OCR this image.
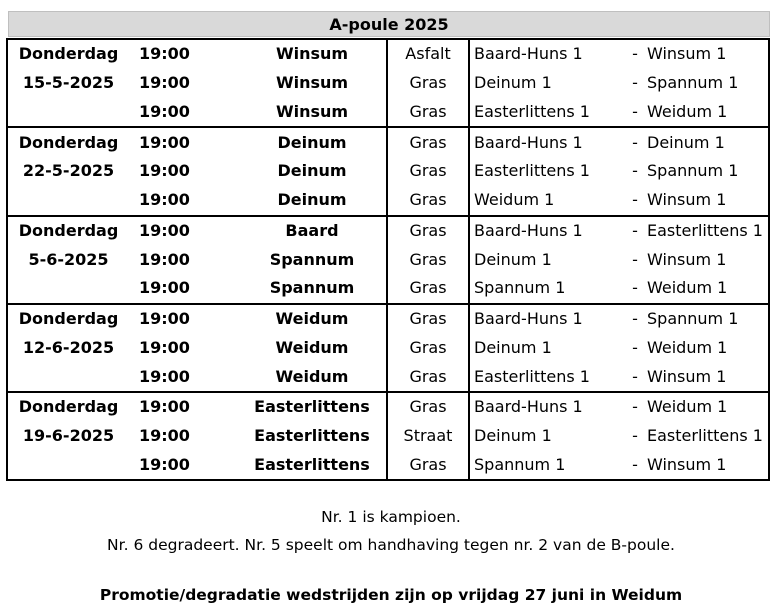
A-poule 2025
Donderdag	19:00	Winsum	Asfalt	Baard-Huns 1	-	Winsum 1
15-5-2025	19:00	Winsum	Gras	Deinum 1	-	Spannum 1
	19:00	Winsum	Gras	Easterlittens 1	-	Weidum 1
Donderdag	19:00	Deinum	Gras	Baard-Huns 1	-	Deinum 1
22-5-2025	19:00	Deinum	Gras	Easterlittens 1	-	Spannum 1
	19:00	Deinum	Gras	Weidum 1	-	Winsum 1
Donderdag	19:00	Baard	Gras	Baard-Huns 1	-	Easterlittens 1
5-6-2025	19:00	Spannum	Gras	Deinum 1	-	Winsum 1
	19:00	Spannum	Gras	Spannum 1	-	Weidum 1
Donderdag	19:00	Weidum	Gras	Baard-Huns 1	-	Spannum 1
12-6-2025	19:00	Weidum	Gras	Deinum 1	-	Weidum 1
	19:00	Weidum	Gras	Easterlittens 1	-	Winsum 1
Donderdag	19:00	Easterlittens	Gras	Baard-Huns 1	-	Weidum 1
19-6-2025	19:00	Easterlittens	Straat	Deinum 1	-	Easterlittens 1
	19:00	Easterlittens	Gras	Spannum 1	-	Winsum 1
Nr. 1 is kampioen.
Nr. 6 degradeert. Nr. 5 speelt om handhaving tegen nr. 2 van de B-poule.
Promotie/degradatie wedstrijden zijn op vrijdag 27 juni in Weidum
